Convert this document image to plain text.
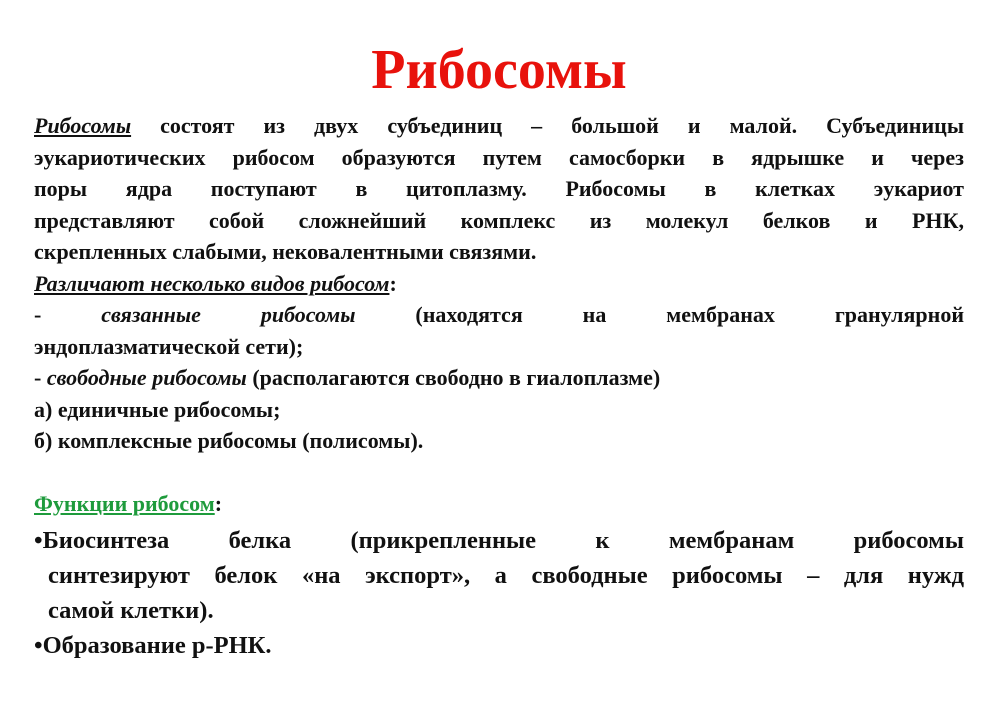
Рибосомы

Рибосомы состоят из двух субъединиц – большой и малой. Субъединицы

эукариотических рибосом образуются путем самосборки в ядрышке и через

поры ядра поступают в цитоплазму. Рибосомы в клетках эукариот

представляют собой сложнейший комплекс из молекул белков и РНК,

скрепленных слабыми, нековалентными связями.

Различают несколько видов рибосом:

- связанные рибосомы (находятся на мембранах гранулярной

эндоплазматической сети);

- свободные рибосомы (располагаются свободно в гиалоплазме)

а) единичные рибосомы;

б) комплексные рибосомы (полисомы).

Функции рибосом:

•Биосинтеза белка (прикрепленные к мембранам рибосомы

синтезируют белок «на экспорт», а свободные рибосомы – для нужд

самой клетки).

•Образование р-РНК.
